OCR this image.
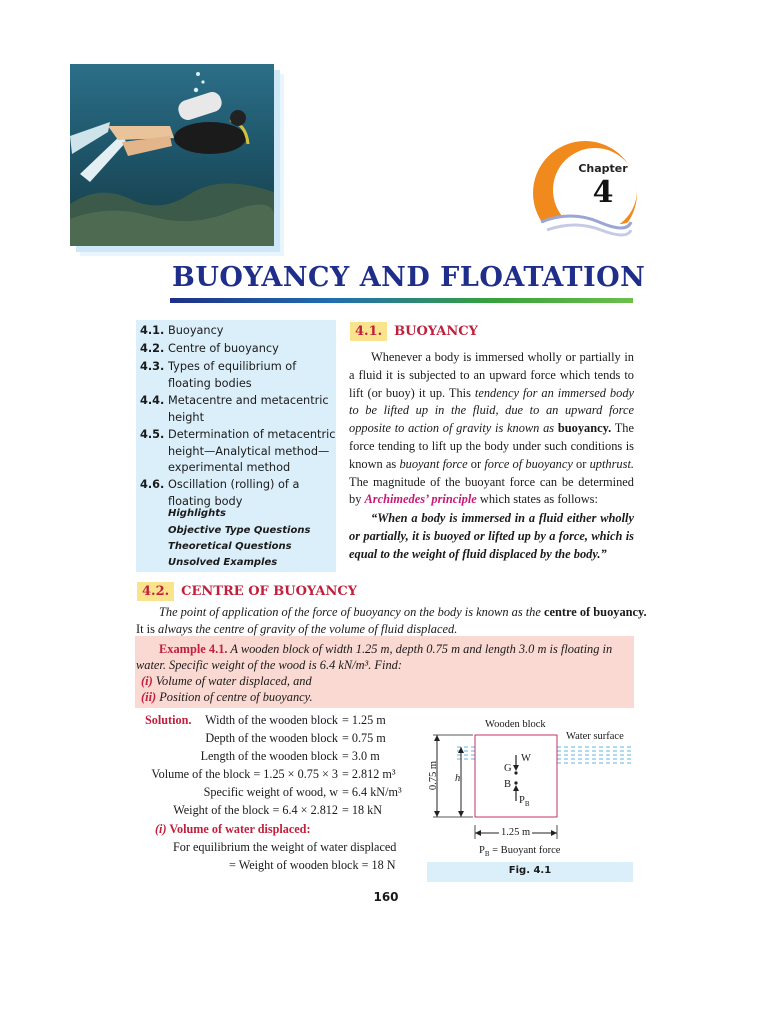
Chapter
4
BUOYANCY AND FLOATATION
4.1. Buoyancy
4.2. Centre of buoyancy
4.3. Types of equilibrium of floating bodies
4.4. Metacentre and metacentric height
4.5. Determination of metacentric height—Analytical method—experimental method
4.6. Oscillation (rolling) of a floating body
Highlights
Objective Type Questions
Theoretical Questions
Unsolved Examples
4.1. BUOYANCY
Whenever a body is immersed wholly or partially in a fluid it is subjected to an upward force which tends to lift (or buoy) it up. This tendency for an immersed body to be lifted up in the fluid, due to an upward force opposite to action of gravity is known as buoyancy. The force tending to lift up the body under such conditions is known as buoyant force or force of buoyancy or upthrust. The magnitude of the buoyant force can be determined by Archimedes’ principle which states as follows:
“When a body is immersed in a fluid either wholly or partially, it is buoyed or lifted up by a force, which is equal to the weight of fluid displaced by the body.”
4.2. CENTRE OF BUOYANCY
The point of application of the force of buoyancy on the body is known as the centre of buoyancy.
It is always the centre of gravity of the volume of fluid displaced.
Example 4.1. A wooden block of width 1.25 m, depth 0.75 m and length 3.0 m is floating in
water. Specific weight of the wood is 6.4 kN/m³. Find:
(i) Volume of water displaced, and
(ii) Position of centre of buoyancy.
Solution. Width of the wooden block = 1.25 m
Depth of the wooden block = 0.75 m
Length of the wooden block = 3.0 m
Volume of the block = 1.25 × 0.75 × 3 = 2.812 m³
Specific weight of wood, w = 6.4 kN/m³
Weight of the block = 6.4 × 2.812 = 18 kN
(i) Volume of water displaced:
For equilibrium the weight of water displaced
= Weight of wooden block = 18 N
Wooden block
Water surface
0.75 m h
W
G
B
$P_B$
1.25 m
$P_B$ = Buoyant force
Fig. 4.1
160
